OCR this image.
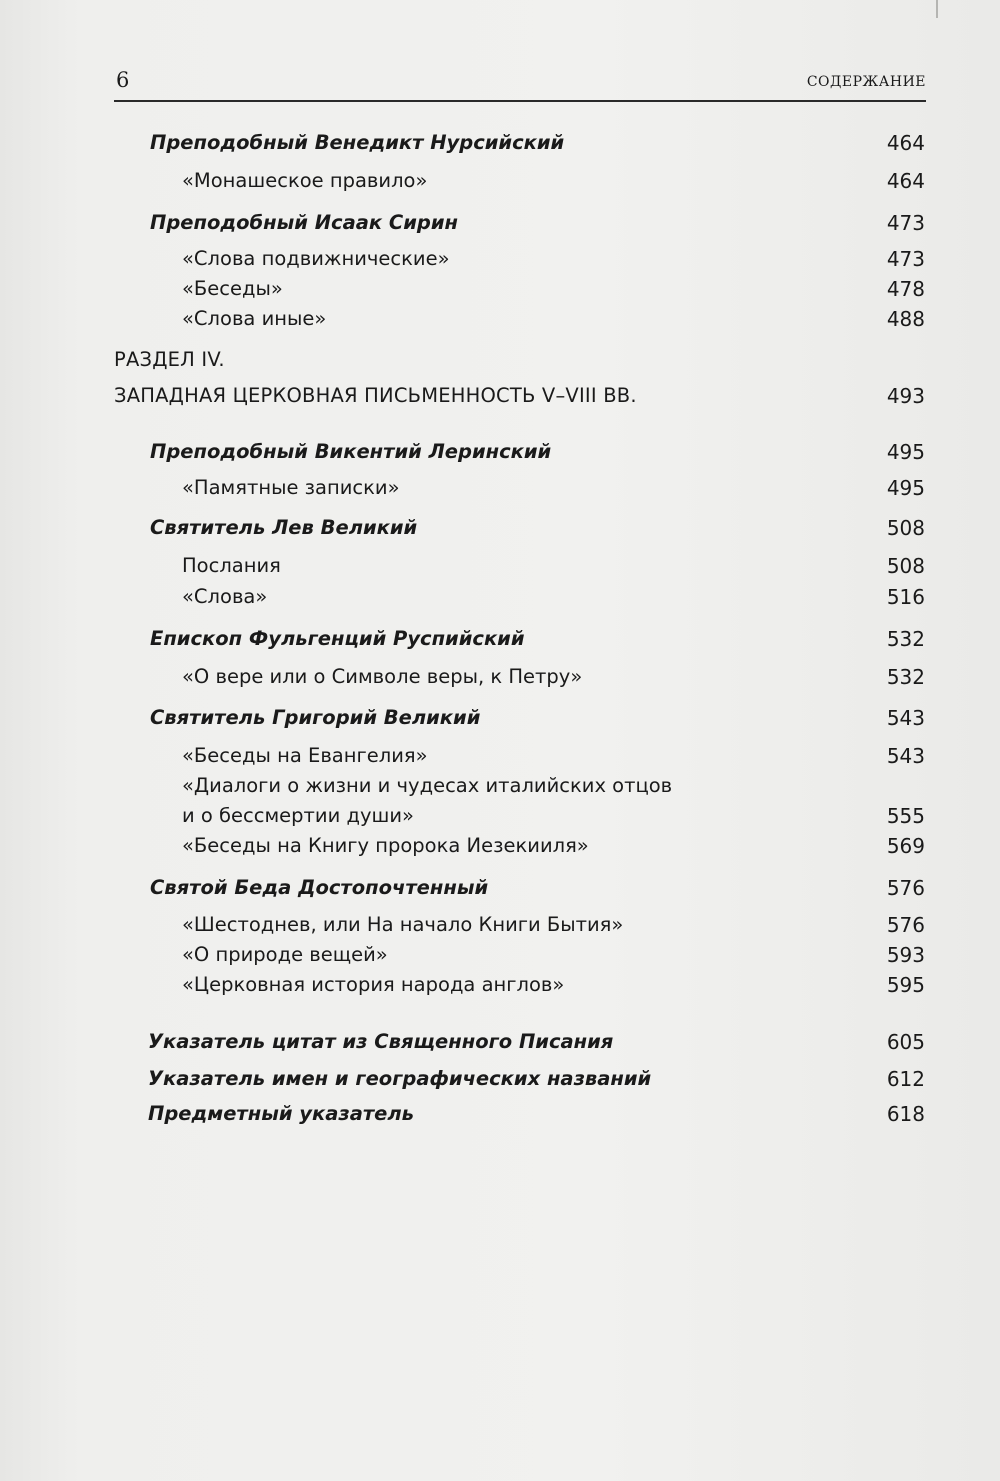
6	СОДЕРЖАНИЕ
Преподобный Венедикт Нурсийский	464
«Монашеское правило»	464
Преподобный Исаак Сирин	473
«Слова подвижнические»	473
«Беседы»	478
«Слова иные»	488
РАЗДЕЛ IV.
ЗАПАДНАЯ ЦЕРКОВНАЯ ПИСЬМЕННОСТЬ V–VIII ВВ.	493
Преподобный Викентий Леринский	495
«Памятные записки»	495
Святитель Лев Великий	508
Послания	508
«Слова»	516
Епископ Фульгенций Руспийский	532
«О вере или о Символе веры, к Петру»	532
Святитель Григорий Великий	543
«Беседы на Евангелия»	543
«Диалоги о жизни и чудесах италийских отцов
и о бессмертии души»	555
«Беседы на Книгу пророка Иезекииля»	569
Святой Беда Достопочтенный	576
«Шестоднев, или На начало Книги Бытия»	576
«О природе вещей»	593
«Церковная история народа англов»	595
Указатель цитат из Священного Писания	605
Указатель имен и географических названий	612
Предметный указатель	618
